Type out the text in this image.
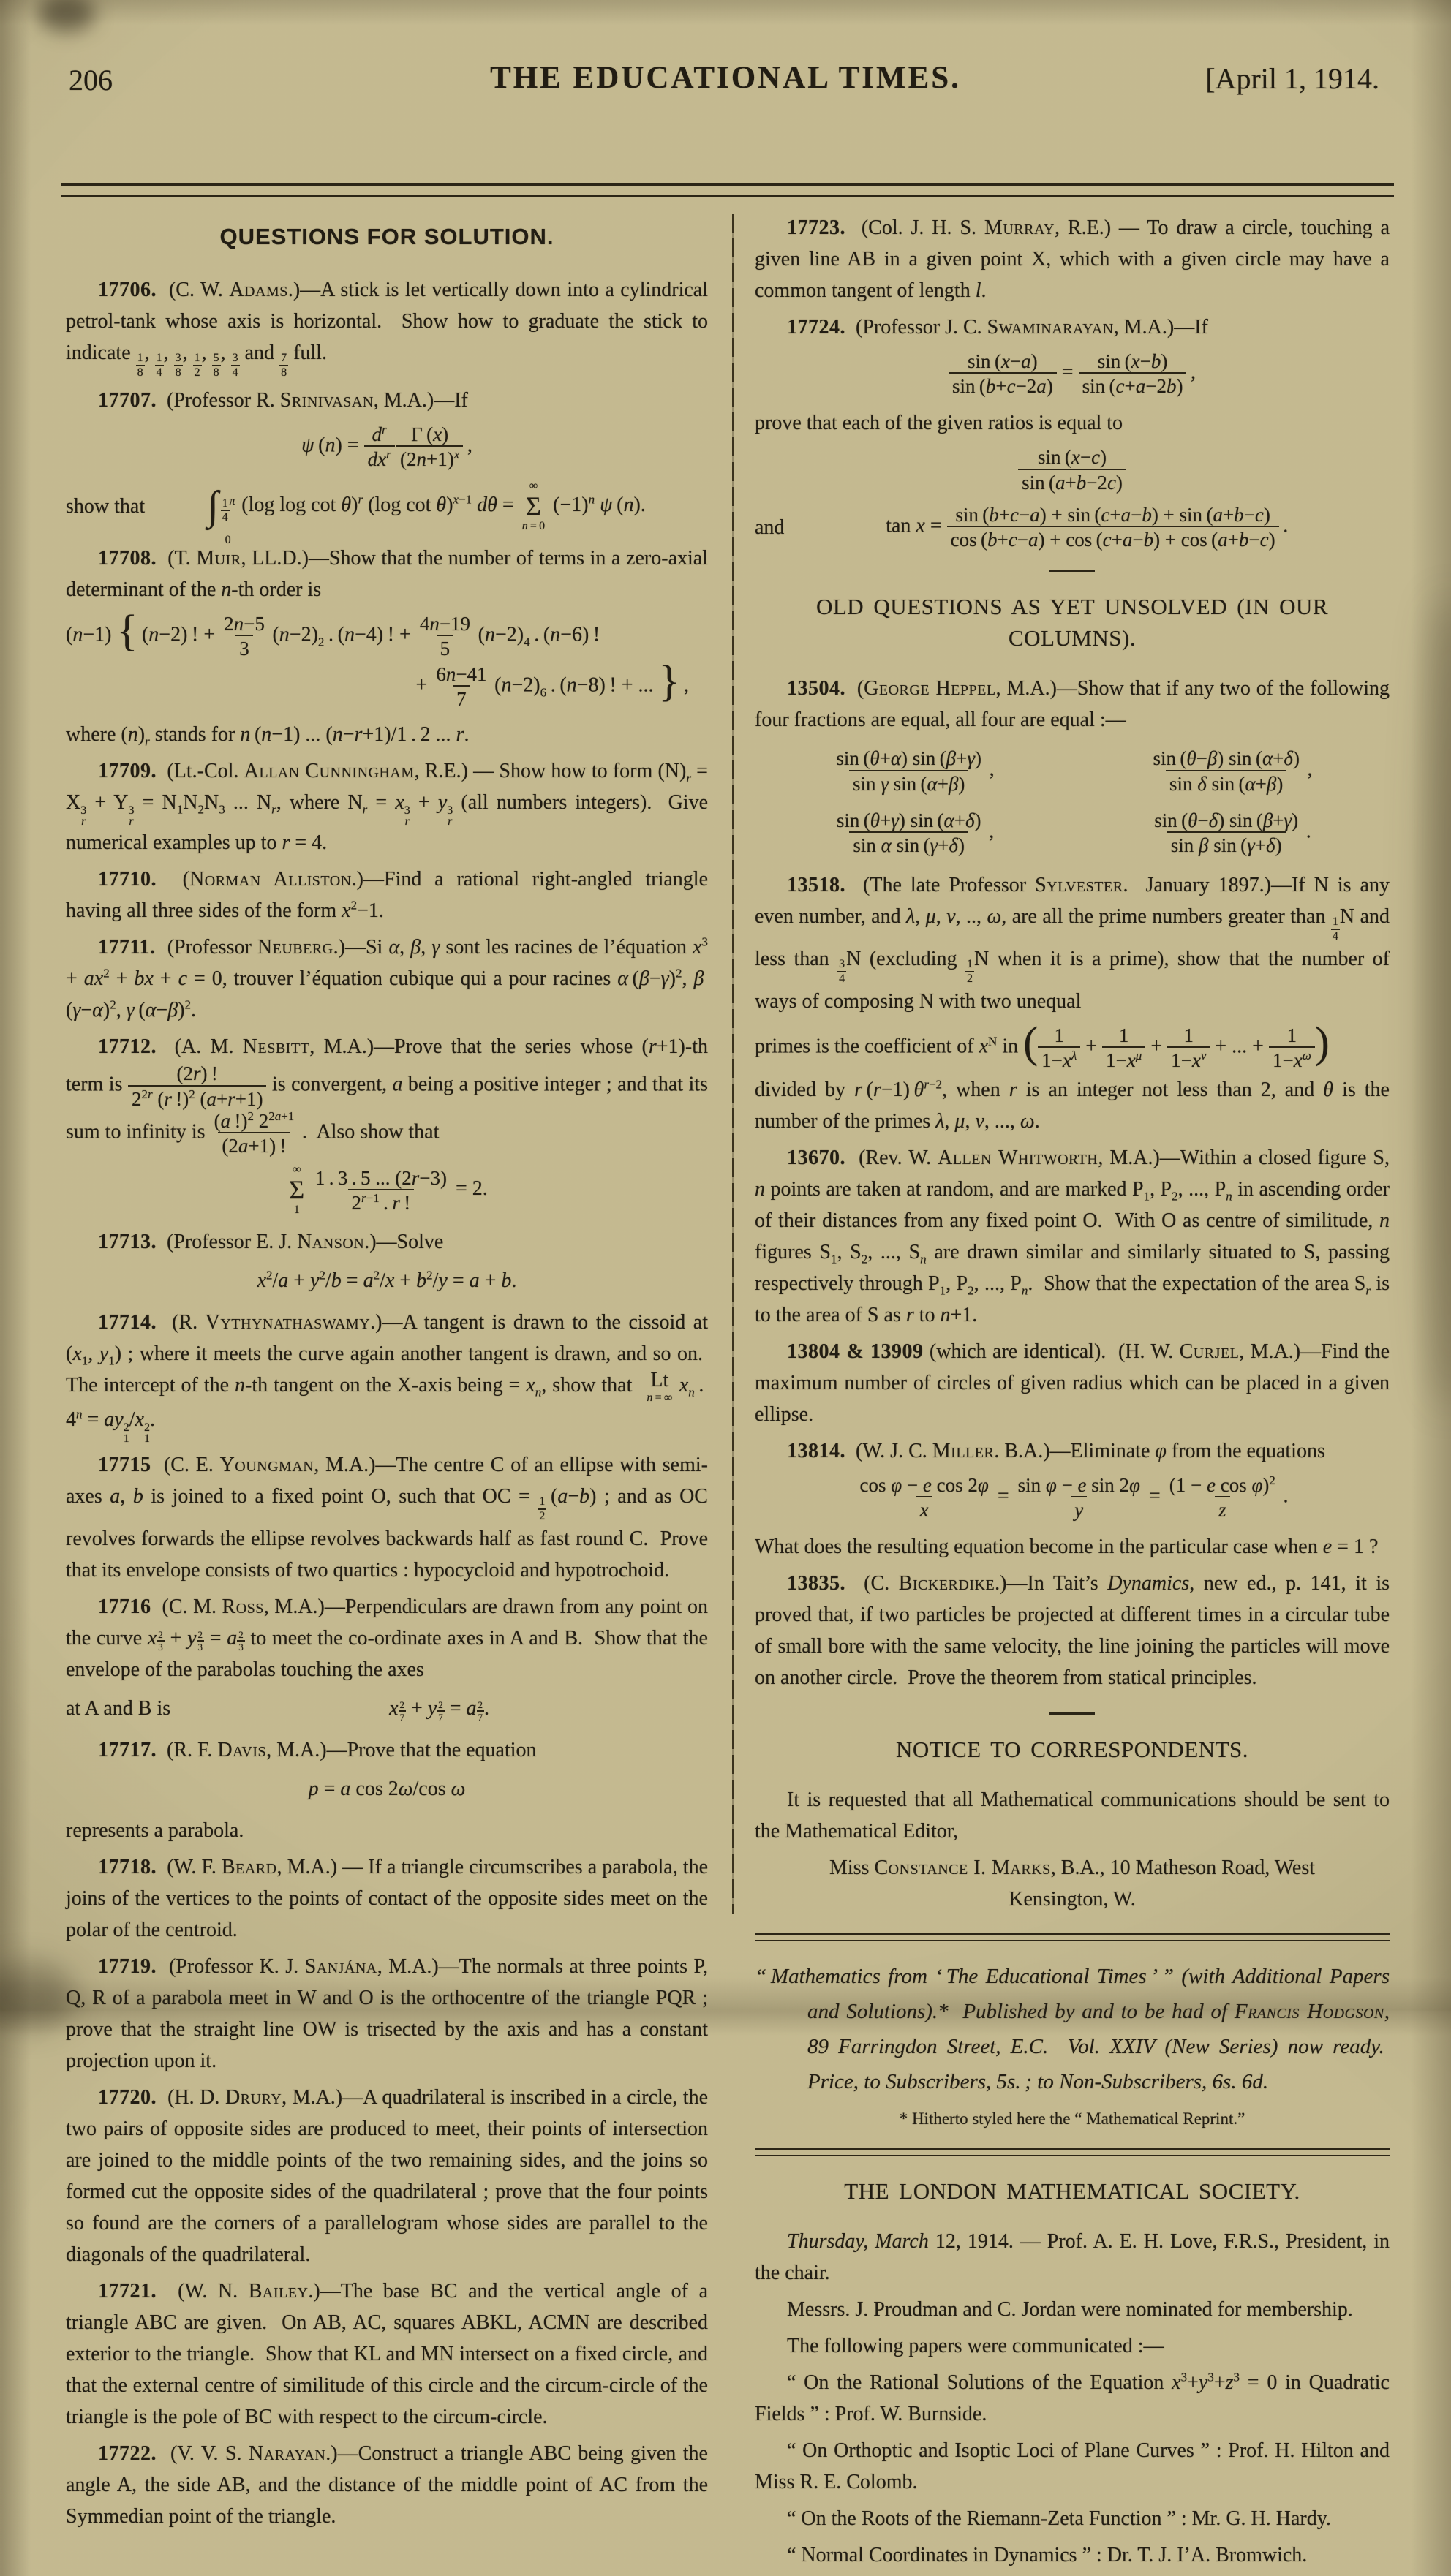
206	THE EDUCATIONAL TIMES.	[April 1, 1914.
QUESTIONS FOR SOLUTION.
17706.  (C. W. Adams.)—A stick is let vertically down into a cylindrical petrol-tank whose axis is horizontal.  Show how to graduate the stick to indicate $\frac{1}{8}$ , $\frac{1}{4}$ , $\frac{3}{8}$ , $\frac{1}{2}$ , $\frac{5}{8}$ , $\frac{3}{4}$ and $\frac{7}{8}$ full.
17707.  (Professor R. Srinivasan, M.A.)—If
ψ $(n) = d^r$
$dx^r$
  $\frac{\Gamma (x)}{(2n+1)^x}$  ,
show that ∫ $\frac{1}{4}$ π
0
 (log log cot θ)$^r$ (log cot θ)$^{x-1}$ dθ =
∞
Σ
n = 0
$(-1)^n$ ψ (n).
17708.  (T. Muir, LL.D.)—Show that the number of terms in a zero-axial determinant of the n-th order is
(n−1) { (n−2) ! + $\frac{2n-5}{3} (n-2)_2$ . (n−4) ! + $\frac{4n-19}{5} (n-2)_4$ . (n−6) !
+ $\frac{6n-41}{7} (n-2)_6$ . (n−8) ! + ... } ,
where $(n)_r$ stands for n (n−1) ... (n−r+1)/1 . 2 ... r.
17709.  (Lt.-Col. Allan Cunningham, R.E.) — Show how to form $(N)_r = X$ 3
r
+ Y 3
r
= $N_1N_2N_3$ ... $N_r$, where $N_r = x$ 3
r
+ y 3
r
(all numbers integers).  Give numerical examples up to r = 4.
17710.  (Norman Alliston.)—Find a rational right-angled triangle having all three sides of the form $x^2-1$.
17711.  (Professor Neuberg.)—Si α, β, γ sont les racines de l’équation $x^3 + ax^2$ + bx + c = 0, trouver l’équation cubique qui a pour racines α $(\beta-\gamma)^2$, β $(\gamma-\alpha)^2$, γ $(\alpha-\beta)^2$.
17712.  (A. M. Nesbitt, M.A.)—Prove that the series whose (r+1)-th term is $\frac{(2r) !}{2^{2r} (r !)^2 (a+r+1)}$ is convergent, a being a positive integer ; and that its sum to infinity is $\frac{(a !)^2 2^{2a+1}}{(2a+1) !}$  .  Also show that
∞
Σ
1
  $\frac{1 . 3 . 5 ... (2r-3)}{2^{r-1} . r !} = 2$.
17713.  (Professor E. J. Nanson.)—Solve
$x^2/a + y^2/b = a^2/x + b^2/y = a + b$.
17714.  (R. Vythynathaswamy.)—A tangent is drawn to the cissoid at ($x_1$, $y_1$) ; where it meets the curve again another tangent is drawn, and so on.  The intercept of the n-th tangent on the X-axis being = $x_n$, show that Lt
n = ∞
 $x_n$ . $4^n$ = ay 2
1
/x 2
1
.
17715  (C. E. Youngman, M.A.)—The centre C of an ellipse with semi-axes a, b is joined to a fixed point O, such that OC = $\frac{1}{2} (a-b)$ ; and as OC revolves forwards the ellipse revolves backwards half as fast round C.  Prove that its envelope consists of two quartics : hypocycloid and hypotrochoid.
17716  (C. M. Ross, M.A.)—Perpendiculars are drawn from any point on the curve x $^{\frac{2}{3}}$ + y $^{\frac{2}{3}}$ = a $^{\frac{2}{3}}$ to meet the co-ordinate axes in A and B.  Show that the envelope of the parabolas touching the axes
at A and B is	x $^{\frac{2}{7}}$ + y $^{\frac{2}{7}}$ = a $^{\frac{2}{7}}$ .
17717.  (R. F. Davis, M.A.)—Prove that the equation
p = a cos 2ω/cos ω
represents a parabola.
17718.  (W. F. Beard, M.A.) — If a triangle circumscribes a parabola, the joins of the vertices to the points of contact of the opposite sides meet on the polar of the centroid.
17719.  (Professor K. J. Sanjána, M.A.)—The normals at three points P, Q, R of a parabola meet in W and O is the orthocentre of the triangle PQR ; prove that the straight line OW is trisected by the axis and has a constant projection upon it.
17720.  (H. D. Drury, M.A.)—A quadrilateral is inscribed in a circle, the two pairs of opposite sides are produced to meet, their points of intersection are joined to the middle points of the two remaining sides, and the joins so formed cut the opposite sides of the quadrilateral ; prove that the four points so found are the corners of a parallelogram whose sides are parallel to the diagonals of the quadrilateral.
17721.  (W. N. Bailey.)—The base BC and the vertical angle of a triangle ABC are given.  On AB, AC, squares ABKL, ACMN are described exterior to the triangle.  Show that KL and MN intersect on a fixed circle, and that the external centre of similitude of this circle and the circum-circle of the triangle is the pole of BC with respect to the circum-circle.
17722.  (V. V. S. Narayan.)—Construct a triangle ABC being given the angle A, the side AB, and the distance of the middle point of AC from the Symmedian point of the triangle.
17723.  (Col. J. H. S. Murray, R.E.) — To draw a circle, touching a given line AB in a given point X, which with a given circle may have a common tangent of length l.
17724.  (Professor J. C. Swaminarayan, M.A.)—If
$\frac{\sin (x-a)}{\sin (b+c-2a)} = \frac{\sin (x-b)}{\sin (c+a-2b)}$  ,
prove that each of the given ratios is equal to
$\frac{\sin (x-c)}{\sin (a+b-2c)}$
and	$\tan x = \frac{\sin (b+c-a) + \sin (c+a-b) + \sin (a+b-c)}{\cos (b+c-a) + \cos (c+a-b) + \cos (a+b-c)}$  .
OLD QUESTIONS AS YET UNSOLVED (IN OUR COLUMNS).
13504.  (George Heppel, M.A.)—Show that if any two of the following four fractions are equal, all four are equal :—
$\frac{\sin (\theta+\alpha) \sin (\beta+\gamma)}{\text{sin γ sin (α+β)}}$  ,	$\frac{\sin (\theta-\beta) \sin (\alpha+\delta)}{\text{sin δ sin (α+β)}}$  ,
$\frac{\sin (\theta+\gamma) \sin (\alpha+\delta)}{\text{sin α sin (γ+δ)}}$  ,	$\frac{\sin (\theta-\delta) \sin (\beta+\gamma)}{\text{sin β sin (γ+δ)}}$  .
13518.  (The late Professor Sylvester.  January 1897.)—If N is any even number, and λ, μ, ν, .., ω, are all the prime numbers greater than $\frac{1}{4}$ N and less than $\frac{3}{4}$ N (excluding $\frac{1}{2}$ N when it is a prime), show that the number of ways of composing N with two unequal
primes is the coefficient of $x^N$ in ( $\frac{1}{1-x^\lambda} + \frac{1}{1-x^\mu} + \frac{1}{1-x^\nu}$ + ... + $\frac{1}{1-x^\omega}$ )
divided by r (r−1) $\theta^{r-2}$, when r is an integer not less than 2, and θ is the number of the primes λ, μ, ν, ..., ω.
13670.  (Rev. W. Allen Whitworth, M.A.)—Within a closed figure S, n points are taken at random, and are marked $P_1$, $P_2$, ..., $P_n$ in ascending order of their distances from any fixed point O.  With O as centre of similitude, n figures $S_1$, $S_2$, ..., $S_n$ are drawn similar and similarly situated to S, passing respectively through $P_1$, $P_2$, ..., $P_n$.  Show that the expectation of the area $S_r$ is to the area of S as r to n+1.
13804 & 13909 (which are identical).  (H. W. Curjel, M.A.)—Find the maximum number of circles of given radius which can be placed in a given ellipse.
13814.  (W. J. C. Miller. B.A.)—Eliminate φ from the equations
$\frac{\text{cos φ − e cos 2φ}}{x} = \frac{\text{sin φ − e sin 2φ}}{y} = \frac{(1 - e \cos \varphi)^2}{z}$  .
What does the resulting equation become in the particular case when e = 1 ?
13835.  (C. Bickerdike.)—In Tait’s Dynamics, new ed., p. 141, it is proved that, if two particles be projected at different times in a circular tube of small bore with the same velocity, the line joining the particles will move on another circle.  Prove the theorem from statical principles.
NOTICE TO CORRESPONDENTS.
It is requested that all Mathematical communications should be sent to the Mathematical Editor,
Miss Constance I. Marks, B.A., 10 Matheson Road, West
Kensington, W.
“ Mathematics from ‘ The Educational Times ’ ” (with Additional Papers and Solutions).*  Published by and to be had of Francis Hodgson, 89 Farringdon Street, E.C.  Vol. XXIV (New Series) now ready.  Price, to Subscribers, 5s. ; to Non-Subscribers, 6s. 6d.
* Hitherto styled here the “ Mathematical Reprint.”
THE LONDON MATHEMATICAL SOCIETY.
Thursday, March 12, 1914. — Prof. A. E. H. Love, F.R.S., President, in the chair.
Messrs. J. Proudman and C. Jordan were nominated for membership.
The following papers were communicated :—
“ On the Rational Solutions of the Equation $x^3+y^3+z^3 = 0$ in Quadratic Fields ” : Prof. W. Burnside.
“ On Orthoptic and Isoptic Loci of Plane Curves ” : Prof. H. Hilton and Miss R. E. Colomb.
“ On the Roots of the Riemann-Zeta Function ” : Mr. G. H. Hardy.
“ Normal Coordinates in Dynamics ” : Dr. T. J. I’A. Bromwich.
